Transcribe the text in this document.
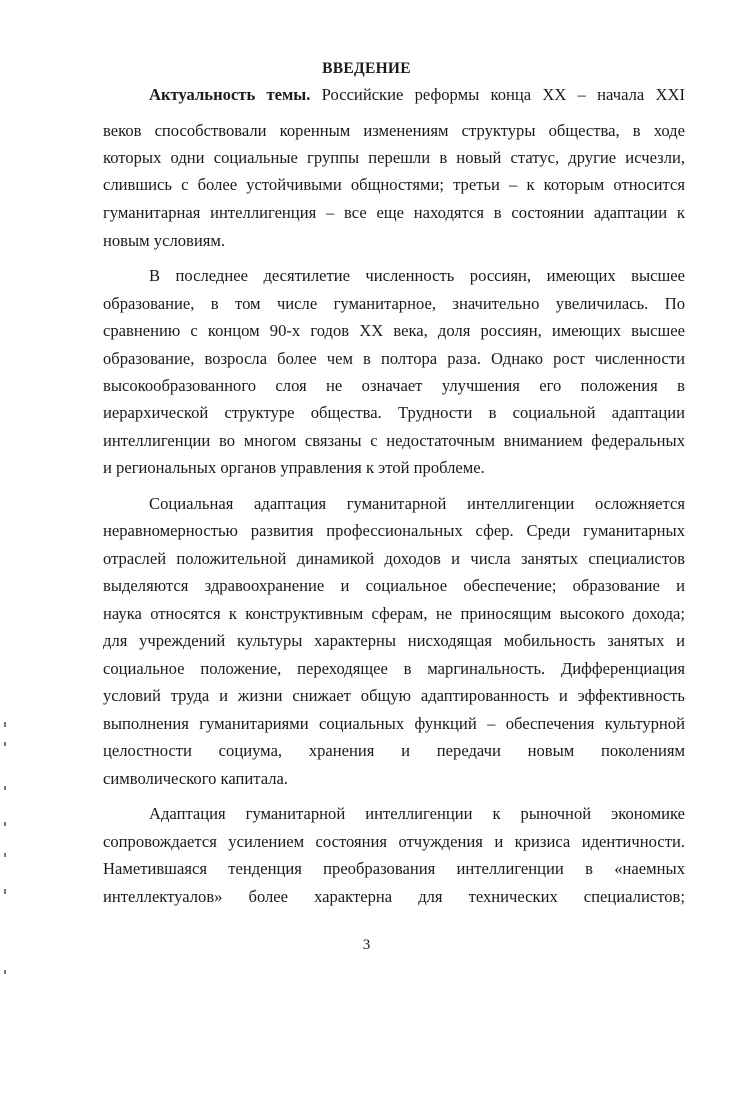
ВВЕДЕНИЕ

Актуальность темы. Российские реформы конца XX – начала XXI

веков способствовали коренным изменениям структуры общества, в ходе

которых одни социальные группы перешли в новый статус, другие исчезли,

слившись с более устойчивыми общностями; третьи – к которым относится

гуманитарная интеллигенция – все еще находятся в состоянии адаптации к

новым условиям.

В последнее десятилетие численность россиян, имеющих высшее

образование, в том числе гуманитарное, значительно увеличилась. По

сравнению с концом 90-х годов XX века, доля россиян, имеющих высшее

образование, возросла более чем в полтора раза. Однако рост численности

высокообразованного слоя не означает улучшения его положения в

иерархической структуре общества. Трудности в социальной адаптации

интеллигенции во многом связаны с недостаточным вниманием федеральных

и региональных органов управления к этой проблеме.

Социальная адаптация гуманитарной интеллигенции осложняется

неравномерностью развития профессиональных сфер. Среди гуманитарных

отраслей положительной динамикой доходов и числа занятых специалистов

выделяются здравоохранение и социальное обеспечение; образование и

наука относятся к конструктивным сферам, не приносящим высокого дохода;

для учреждений культуры характерны нисходящая мобильность занятых и

социальное положение, переходящее в маргинальность. Дифференциация

условий труда и жизни снижает общую адаптированность и эффективность

выполнения гуманитариями социальных функций – обеспечения культурной

целостности социума, хранения и передачи новым поколениям

символического капитала.

Адаптация гуманитарной интеллигенции к рыночной экономике

сопровождается усилением состояния отчуждения и кризиса идентичности.

Наметившаяся тенденция преобразования интеллигенции в «наемных

интеллектуалов» более характерна для технических специалистов;

3
